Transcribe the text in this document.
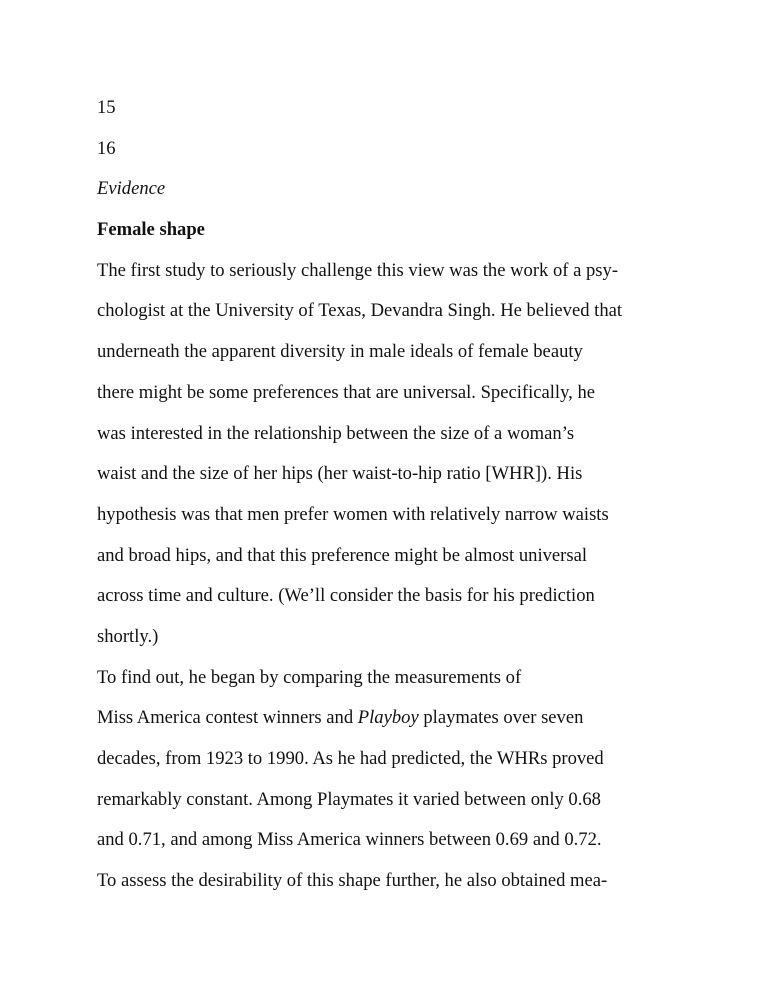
15
16
Evidence
Female shape
The first study to seriously challenge this view was the work of a psy-
chologist at the University of Texas, Devandra Singh. He believed that
underneath the apparent diversity in male ideals of female beauty
there might be some preferences that are universal. Specifically, he
was interested in the relationship between the size of a woman’s
waist and the size of her hips (her waist-to-hip ratio [WHR]). His
hypothesis was that men prefer women with relatively narrow waists
and broad hips, and that this preference might be almost universal
across time and culture. (We’ll consider the basis for his prediction
shortly.)
To find out, he began by comparing the measurements of
Miss America contest winners and Playboy playmates over seven
decades, from 1923 to 1990. As he had predicted, the WHRs proved
remarkably constant. Among Playmates it varied between only 0.68
and 0.71, and among Miss America winners between 0.69 and 0.72.
To assess the desirability of this shape further, he also obtained mea-
